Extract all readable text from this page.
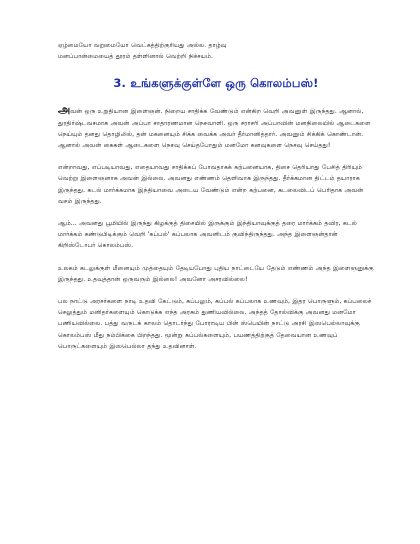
ஏழ்மையோ வறுமையோ வெட்கத்திற்குரியது அல்ல. தாழ்வு
மனப்பான்மையைத் தூரம் தள்ளினால் வெற்றி நிச்சயம்.

3. உங்களுக்குள்ளே ஒரு கொலம்பஸ்!

அவன் ஒரு உறுதியான இளைஞன். நிறைய சாதிக்க வேண்டும் என்கிற வெறி அவனுள் இருந்தது. ஆனால், துரதிர்ஷ்டவசமாக அவன் அப்பா சாதாரணமான நெசவாளி. ஒரு சராசரி அப்பாவின் மனநிலையில் ஆடைகளை நெய்யும் தனது தொழிலில், தன் மகனையும் சிக்க வைக்க அவர் தீர்மானித்தார். அவனும் சிக்கிக் கொண்டான். ஆனால் அவன் கைகள் ஆடைகளை நெசவு செய்தபோதும் மனமோ கனவுகளை நெசவு செய்தது!

என்றாவது, எப்படியாவது, எதையாவது சாதிக்கப் போவதாகக் கற்பனையாக, திசை தெரியாது பேசித் திரியும் வெற்று இளைஞனாக அவன் இல்லை. அவனது எண்ணம் தெளிவாக இருந்தது. தீர்க்கமான திட்டம் தயாராக இருந்தது. கடல் மார்க்கமாக இந்தியாவை அடைய வேண்டும் என்ற கற்பனை, கடலைவிடப் பெரிதாக அவன் வசம் இருந்தது.

ஆம்... அவனது பூமியில் இருந்து கிழக்குத் திசையில் இருக்கும் இந்தியாவுக்குத் தரை மார்க்கம் தவிர, கடல் மார்க்கம் கண்டுபிடிக்கும் வெறி 'கப்பல்' கப்பலாக அவனிடம் குவிந்திருந்தது. அந்த இளைஞன்தான் கிறிஸ்டோபர் கொலம்பஸ்.

உலகம் கடலுக்குள் மீனையும் முத்தையும் தேடியபோது புதிய நாட்டையே தேடும் எண்ணம் அந்த இளைஞனுக்கு இருந்தது. உதவுத்தான் ஒருவரும் இல்லை! அவனோ அசரவில்லை!

பல நாட்டு அரசர்களை நாடி உதவி கேட்டும், கப்பலும், கப்பல் கப்பலாக உணவும், இதர பொருளும், கப்பலைச் செலுத்தும் மனிதர்களையும் கொடுக்க எந்த அரசும் துணியவில்லை. அந்தத் தோல்விக்கு அவனது மனமோ பணியவில்லை. பத்து வருடக் காலம் தொடர்ந்து போராடிய பின் ஸ்பெயின் நாட்டு அரசி இஸபெல்லாவுக்கு கொலம்பஸ் மீது நம்பிக்கை பிறந்தது. மூன்று கப்பல்களையும், பயணத்திற்குத் தேவையான உணவுப் பொருட்களையும் இஸபெல்லா தந்து உதவினாள்.
